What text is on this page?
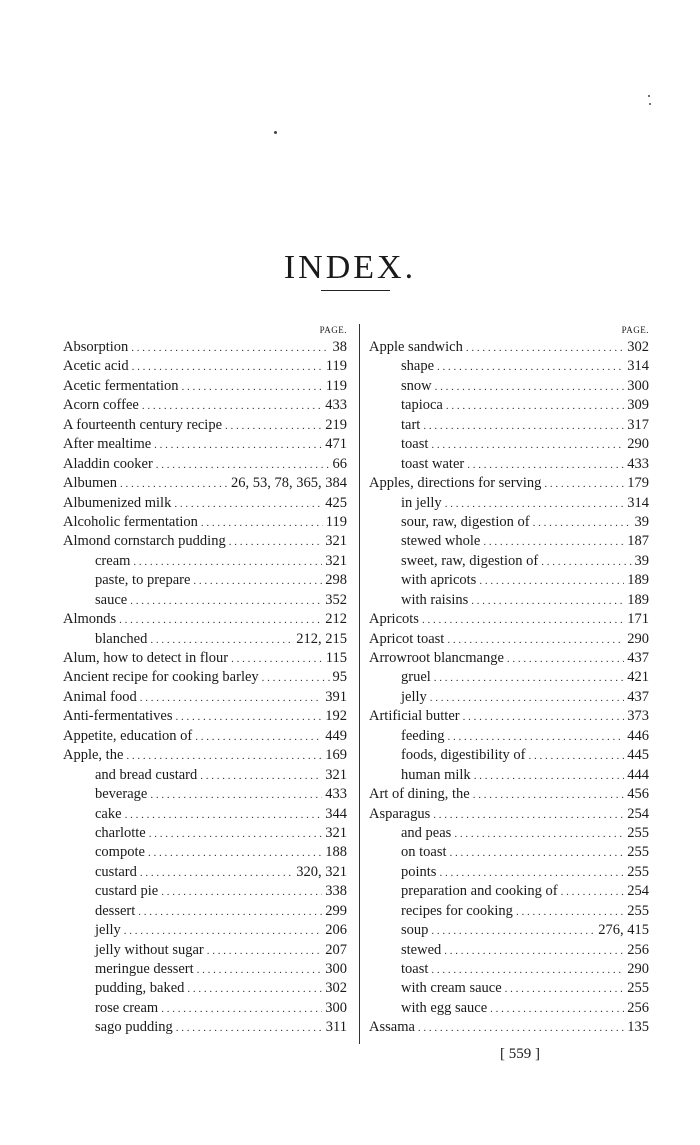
INDEX.
PAGE.
Absorption . . .	38
Acetic acid . . .	119
Acetic fermentation . . .	119
Acorn coffee . . .	433
A fourteenth century recipe . . .	219
After mealtime . . .	471
Aladdin cooker . . .	66
Albumen . . .	26, 53, 78, 365, 384
Albumenized milk . . .	425
Alcoholic fermentation . . .	119
Almond cornstarch pudding . . .	321
cream . . .	321
paste, to prepare . . .	298
sauce . . .	352
Almonds . . .	212
blanched . . .	212, 215
Alum, how to detect in flour . . .	115
Ancient recipe for cooking barley . . .	95
Animal food . . .	391
Anti-fermentatives . . .	192
Appetite, education of . . .	449
Apple, the . . .	169
and bread custard . . .	321
beverage . . .	433
cake . . .	344
charlotte . . .	321
compote . . .	188
custard . . .	320, 321
custard pie . . .	338
dessert . . .	299
jelly . . .	206
jelly without sugar . . .	207
meringue dessert . . .	300
pudding, baked . . .	302
rose cream . . .	300
sago pudding . . .	311
PAGE.
Apple sandwich . . .	302
shape . . .	314
snow . . .	300
tapioca . . .	309
tart . . .	317
toast . . .	290
toast water . . .	433
Apples, directions for serving . . .	179
in jelly . . .	314
sour, raw, digestion of . . .	39
stewed whole . . .	187
sweet, raw, digestion of . . .	39
with apricots . . .	189
with raisins . . .	189
Apricots . . .	171
Apricot toast . . .	290
Arrowroot blancmange . . .	437
gruel . . .	421
jelly . . .	437
Artificial butter . . .	373
feeding . . .	446
foods, digestibility of . . .	445
human milk . . .	444
Art of dining, the . . .	456
Asparagus . . .	254
and peas . . .	255
on toast . . .	255
points . . .	255
preparation and cooking of . . .	254
recipes for cooking . . .	255
soup . . .	276, 415
stewed . . .	256
toast . . .	290
with cream sauce . . .	255
with egg sauce . . .	256
Assama . . .	135
[ 559 ]
